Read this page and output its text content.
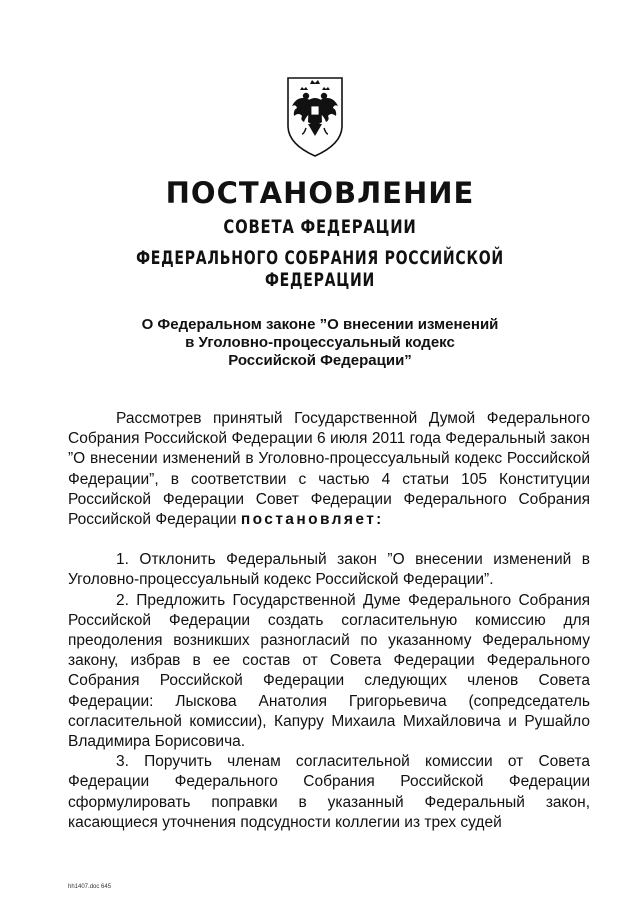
ПОСТАНОВЛЕНИЕ
СОВЕТА ФЕДЕРАЦИИ
ФЕДЕРАЛЬНОГО СОБРАНИЯ РОССИЙСКОЙ ФЕДЕРАЦИИ
О Федеральном законе ”О внесении изменений
в Уголовно-процессуальный кодекс
Российской Федерации”

Рассмотрев принятый Государственной Думой Федерального Собрания Российской Федерации 6 июля 2011 года Федеральный закон ”О внесении изменений в Уголовно-процессуальный кодекс Российской Федерации”, в соответствии с частью 4 статьи 105 Конституции Российской Федерации Совет Федерации Федерального Собрания Российской Федерации постановляет:

1. Отклонить Федеральный закон ”О внесении изменений в Уголовно-процессуальный кодекс Российской Федерации”.

2. Предложить Государственной Думе Федерального Собрания Российской Федерации создать согласительную комиссию для преодоления возникших разногласий по указанному Федеральному закону, избрав в ее состав от Совета Федерации Федерального Собрания Российской Федерации следующих членов Совета Федерации: Лыскова Анатолия Григорьевича (сопредседатель согласительной комиссии), Капуру Михаила Михайловича и Рушайло Владимира Борисовича.

3. Поручить членам согласительной комиссии от Совета Федерации Федерального Собрания Российской Федерации сформулировать поправки в указанный Федеральный закон, касающиеся уточнения подсудности коллегии из трех судей

hh1407.doc 645
